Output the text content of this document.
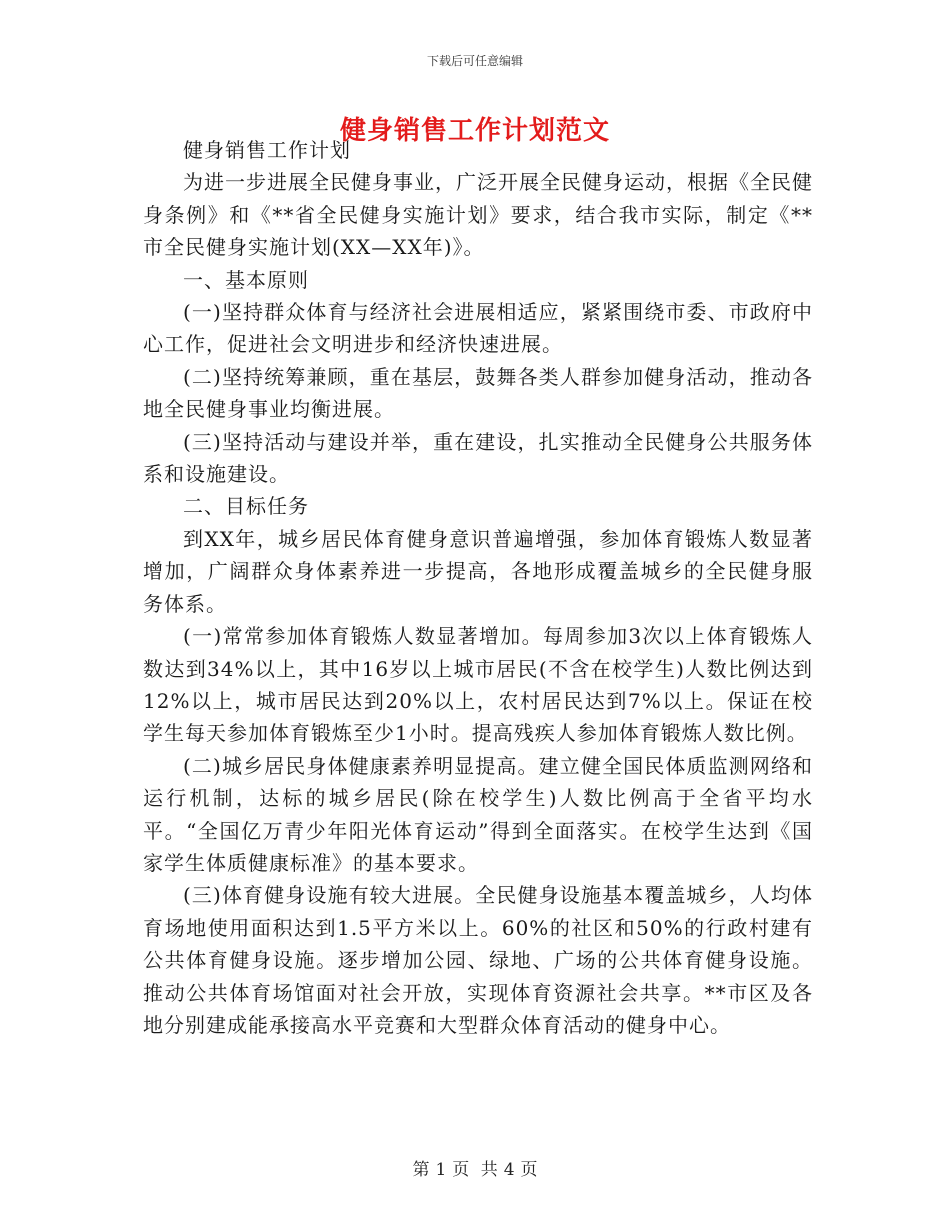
下载后可任意编辑
健身销售工作计划范文

健身销售工作计划

为进一步进展全民健身事业，广泛开展全民健身运动，根据《全民健身条例》和《**省全民健身实施计划》要求，结合我市实际，制定《**市全民健身实施计划(XX—XX年)》。

一、基本原则

(一)坚持群众体育与经济社会进展相适应，紧紧围绕市委、市政府中心工作，促进社会文明进步和经济快速进展。

(二)坚持统筹兼顾，重在基层，鼓舞各类人群参加健身活动，推动各地全民健身事业均衡进展。

(三)坚持活动与建设并举，重在建设，扎实推动全民健身公共服务体系和设施建设。

二、目标任务

到XX年，城乡居民体育健身意识普遍增强，参加体育锻炼人数显著增加，广阔群众身体素养进一步提高，各地形成覆盖城乡的全民健身服务体系。

(一)常常参加体育锻炼人数显著增加。每周参加3次以上体育锻炼人数达到34%以上，其中16岁以上城市居民(不含在校学生)人数比例达到12%以上，城市居民达到20%以上，农村居民达到7%以上。保证在校学生每天参加体育锻炼至少1小时。提高残疾人参加体育锻炼人数比例。

(二)城乡居民身体健康素养明显提高。建立健全国民体质监测网络和运行机制，达标的城乡居民(除在校学生)人数比例高于全省平均水平。“全国亿万青少年阳光体育运动”得到全面落实。在校学生达到《国家学生体质健康标准》的基本要求。

(三)体育健身设施有较大进展。全民健身设施基本覆盖城乡，人均体育场地使用面积达到1.5平方米以上。60%的社区和50%的行政村建有公共体育健身设施。逐步增加公园、绿地、广场的公共体育健身设施。推动公共体育场馆面对社会开放，实现体育资源社会共享。**市区及各地分别建成能承接高水平竞赛和大型群众体育活动的健身中心。

第 1 页 共 4 页
